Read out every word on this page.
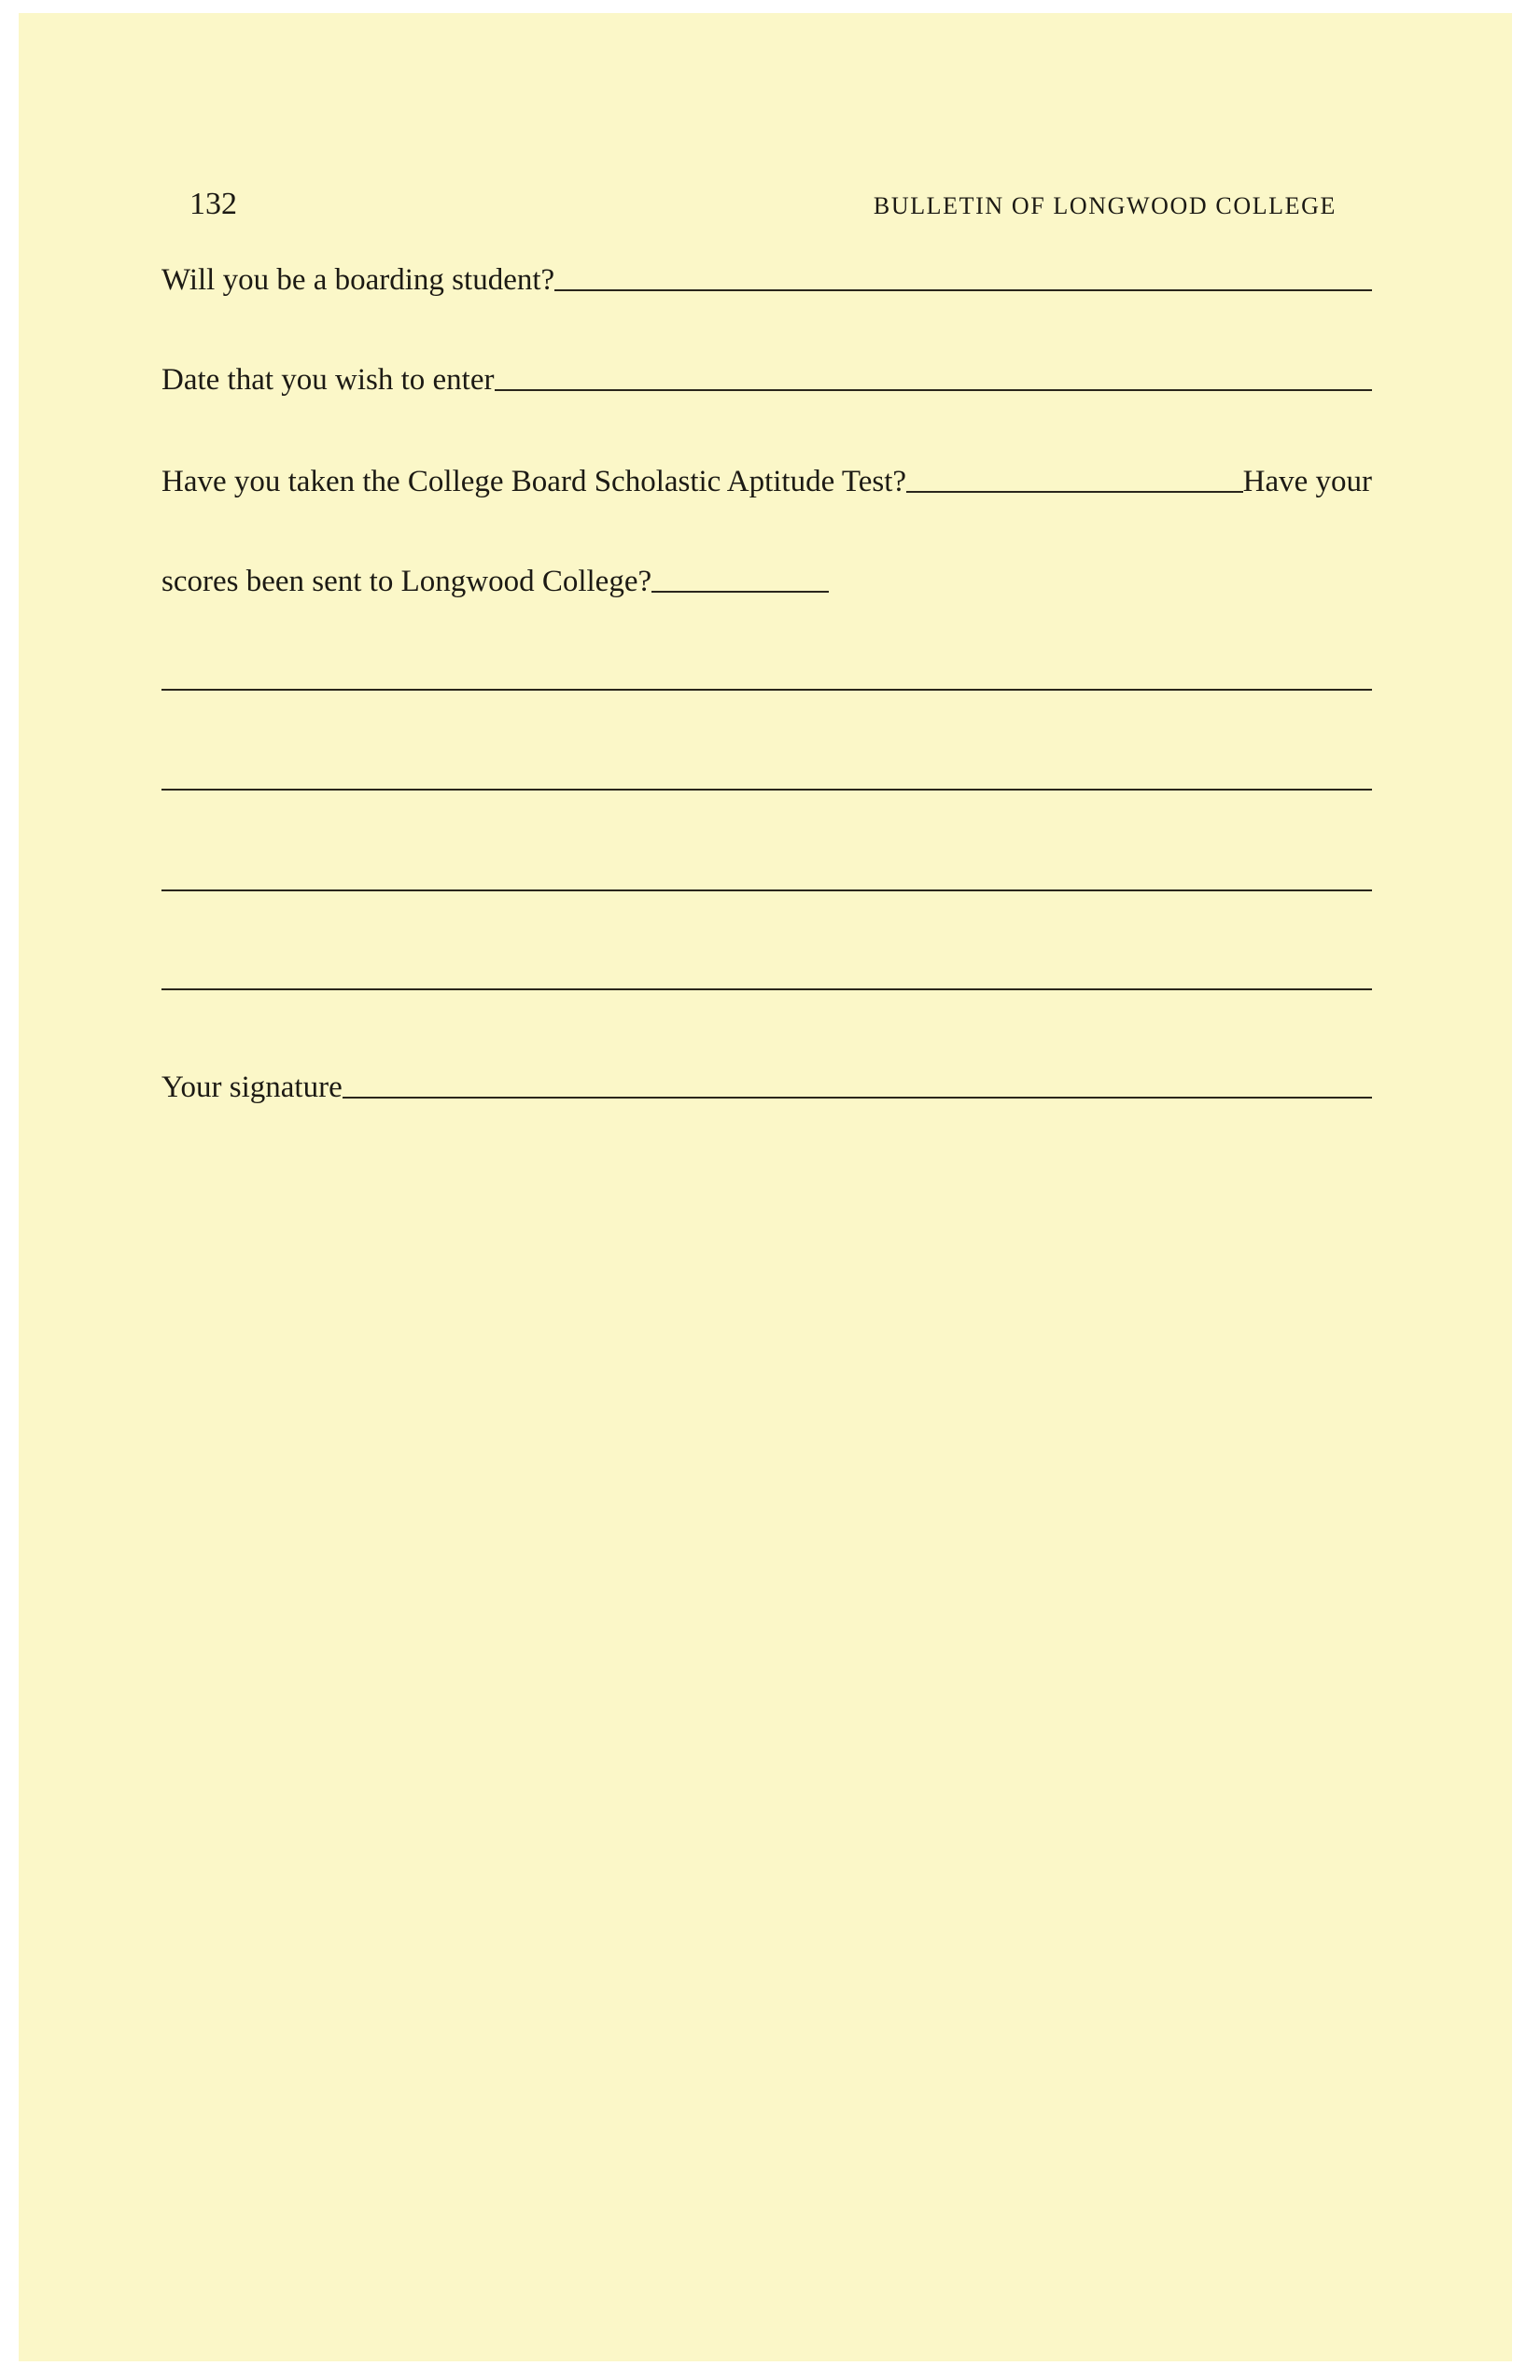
132	BULLETIN OF LONGWOOD COLLEGE
Will you be a boarding student?
Date that you wish to enter
Have you taken the College Board Scholastic Aptitude Test?	Have your
scores been sent to Longwood College?
Your signature
